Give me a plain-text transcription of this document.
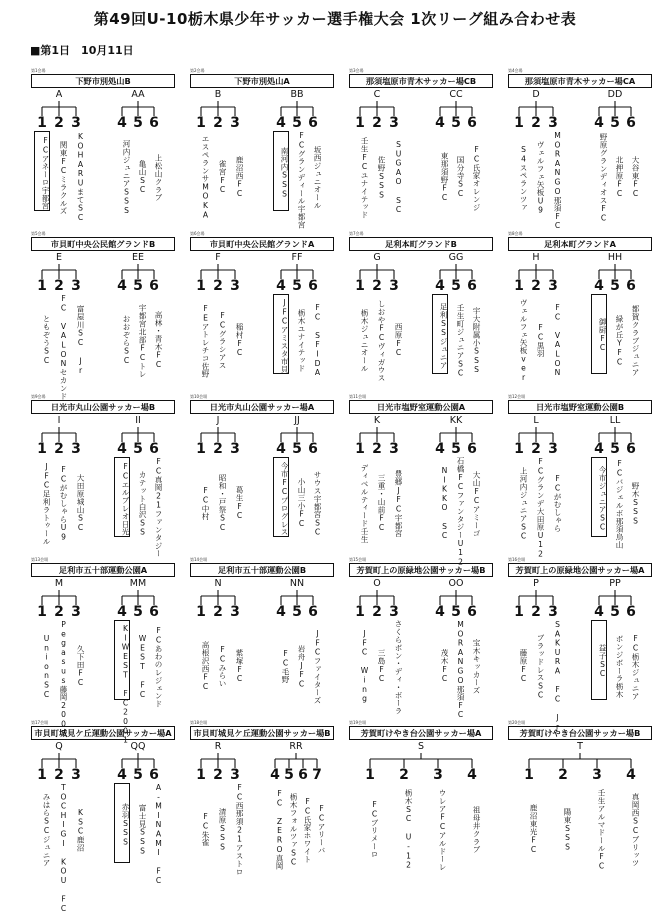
第49回U-10栃木県少年サッカー選手権大会 1次リーグ組み合わせ表
■第1日　10月11日
第1会場
下野市別処山B
A
1
FCアネーロ宇都宮
2
関東FCミラクルズ
3
KOHARUまてSC
AA
4
河内ジュニアSSS
5
亀山SC
6
上松山クラブ
第2会場
下野市別処山A
B
1
エスペランサMOKA
2
雀宮FC
3
鹿沼西FC
BB
4
南河内SSS
5
FCグランディール宇都宮
6
坂西ジュニオール
第3会場
那須塩原市青木サッカー場CB
C
1
壬生FCユナイテッド
2
佐野SSS
3
SUGAO SC
CC
4
東那須野FC
5
国分寺SC
6
FC氏家オレンジ
第4会場
那須塩原市青木サッカー場CA
D
1
S4スペランツァ
2
ヴェルフェ矢板U9
3
MORANGO那須FC
DD
4
野原グランディオスFC
5
北押原FC
6
大谷東FC
第5会場
市貝町中央公民館グランドB
E
1
ともぞうSC
2
FC VALONセカンド
3
富屋川SC Jr
EE
4
おおぞらSC
5
宇都宮北部FCトレ
6
高林・青木FC
第6会場
市貝町中央公民館グランドA
F
1
FEアトレチコ佐野
2
FCグラシアス
3
稲村FC
FF
4
JFCアミスタ市貝
5
栃木ユナイテッド
6
FC SFIDA
第7会場
足利本町グランドB
G
1
栃木ジュニオール
2
しおやFCヴィガウス
3
西原FC
GG
4
足利SSジュニア
5
壬生町ジュニアSC
6
宇大附属小SSS
第8会場
足利本町グランドA
H
1
ヴェルフェ矢板ver
2
FC黒羽
3
FC VALON
HH
4
御厨FC
5
緑が丘YFC
6
都賀クラブジュニア
第9会場
日光市丸山公園サッカー場B
I
1
JFC足利ラトゥール
2
FCがむしゃらU9
3
大田原城山SC
II
4
FCエルブレオ日光
5
カテット白沢SS
6
FC真岡21ファンタジー
第10会場
日光市丸山公園サッカー場A
J
1
FC中村
2
昭和・戸祭SC
3
葛生FC
JJ
4
今市FCプログレス
5
小山三小FC
6
サウス宇都宮SC
第11会場
日光市塩野室運動公園A
K
1
ディベルティード壬生
2
三重・山前FC
3
豊郷JFC宇都宮
KK
4
NIKKO SC
5
石橋FCファンタジーU12
6
大山FCアミーゴ
第12会場
日光市塩野室運動公園B
L
1
上河内ジュニアSC
2
FCグランデ大田原U12
3
FCがむしゃら
LL
4
今市ジュニアSC
5
FCバジェルボ那須烏山
6
野木SSS
第13会場
足利市五十部運動公園A
M
1
UnionSC
2
Pegasus藤岡2007
3
久下田FC
MM
4
KIWEST FC2001
5
WEST FC
6
FCあわのレジェンド
第14会場
足利市五十部運動公園B
N
1
高根沢西FC
2
FCみらい
3
紫塚FC
NN
4
FC毛野
5
岩舟JFC
6
JFCファイターズ
第15会場
芳賀町上の原緑地公園サッカー場B
O
1
JFC Wing
2
三島FC
3
さくらボン・ディ・ボーラ
OO
4
茂木FC
5
MORANGO那須FC
6
宝木キッカーズ
第16会場
芳賀町上の原緑地公園サッカー場A
P
1
藤原FC
2
ブラッドレスSC
3
SAKURA FC Jr
PP
4
益子SC
5
ボンジボーラ栃木
6
FC栃木ジュニア
第17会場
市貝町城見ケ丘運動公園サッカー場A
Q
1
みはらSCジュニア
2
TOCHIGI KOU FC
3
KSC鹿沼
QQ
4
赤羽SSS
5
富士見SSS
6
A-MINAMI FC
第18会場
市貝町城見ケ丘運動公園サッカー場B
R
1
FC朱雀
2
清原SSS
3
FC西那須21アストロ
RR
4
FC ZERO真岡
5
栃木フォルツァSC
6
FC氏家ホワイト
7
FCアリーバ
第19会場
芳賀町けやき台公園サッカー場A
S
1
FCブリメーロ
2
栃木SC U-12
3
ウレアFCアルドーレ
4
祖母井クラブ
第20会場
芳賀町けやき台公園サッカー場B
T
1
鹿沼東光FC
2
陽東SSS
3
壬生アルマドールFC
4
真岡西SCブリッツ
